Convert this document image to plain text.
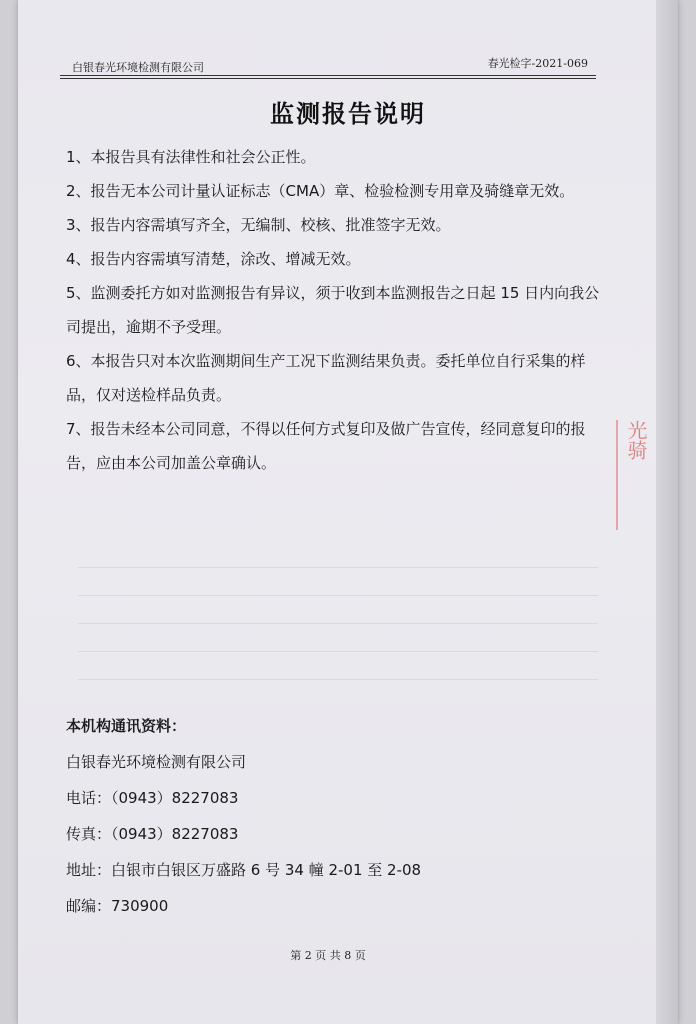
白银春光环境检测有限公司	春光检字-2021-069
监测报告说明

1、本报告具有法律性和社会公正性。

2、报告无本公司计量认证标志（CMA）章、检验检测专用章及骑缝章无效。

3、报告内容需填写齐全，无编制、校核、批准签字无效。

4、报告内容需填写清楚，涂改、增减无效。

5、监测委托方如对监测报告有异议，须于收到本监测报告之日起 15 日内向我公司提出，逾期不予受理。

6、本报告只对本次监测期间生产工况下监测结果负责。委托单位自行采集的样品，仅对送检样品负责。

7、报告未经本公司同意，不得以任何方式复印及做广告宣传，经同意复印的报告，应由本公司加盖公章确认。

本机构通讯资料：
白银春光环境检测有限公司
电话：（0943）8227083
传真：（0943）8227083
地址：白银市白银区万盛路 6 号 34 幢 2-01 至 2-08
邮编：730900
第 2 页 共 8 页
光骑
